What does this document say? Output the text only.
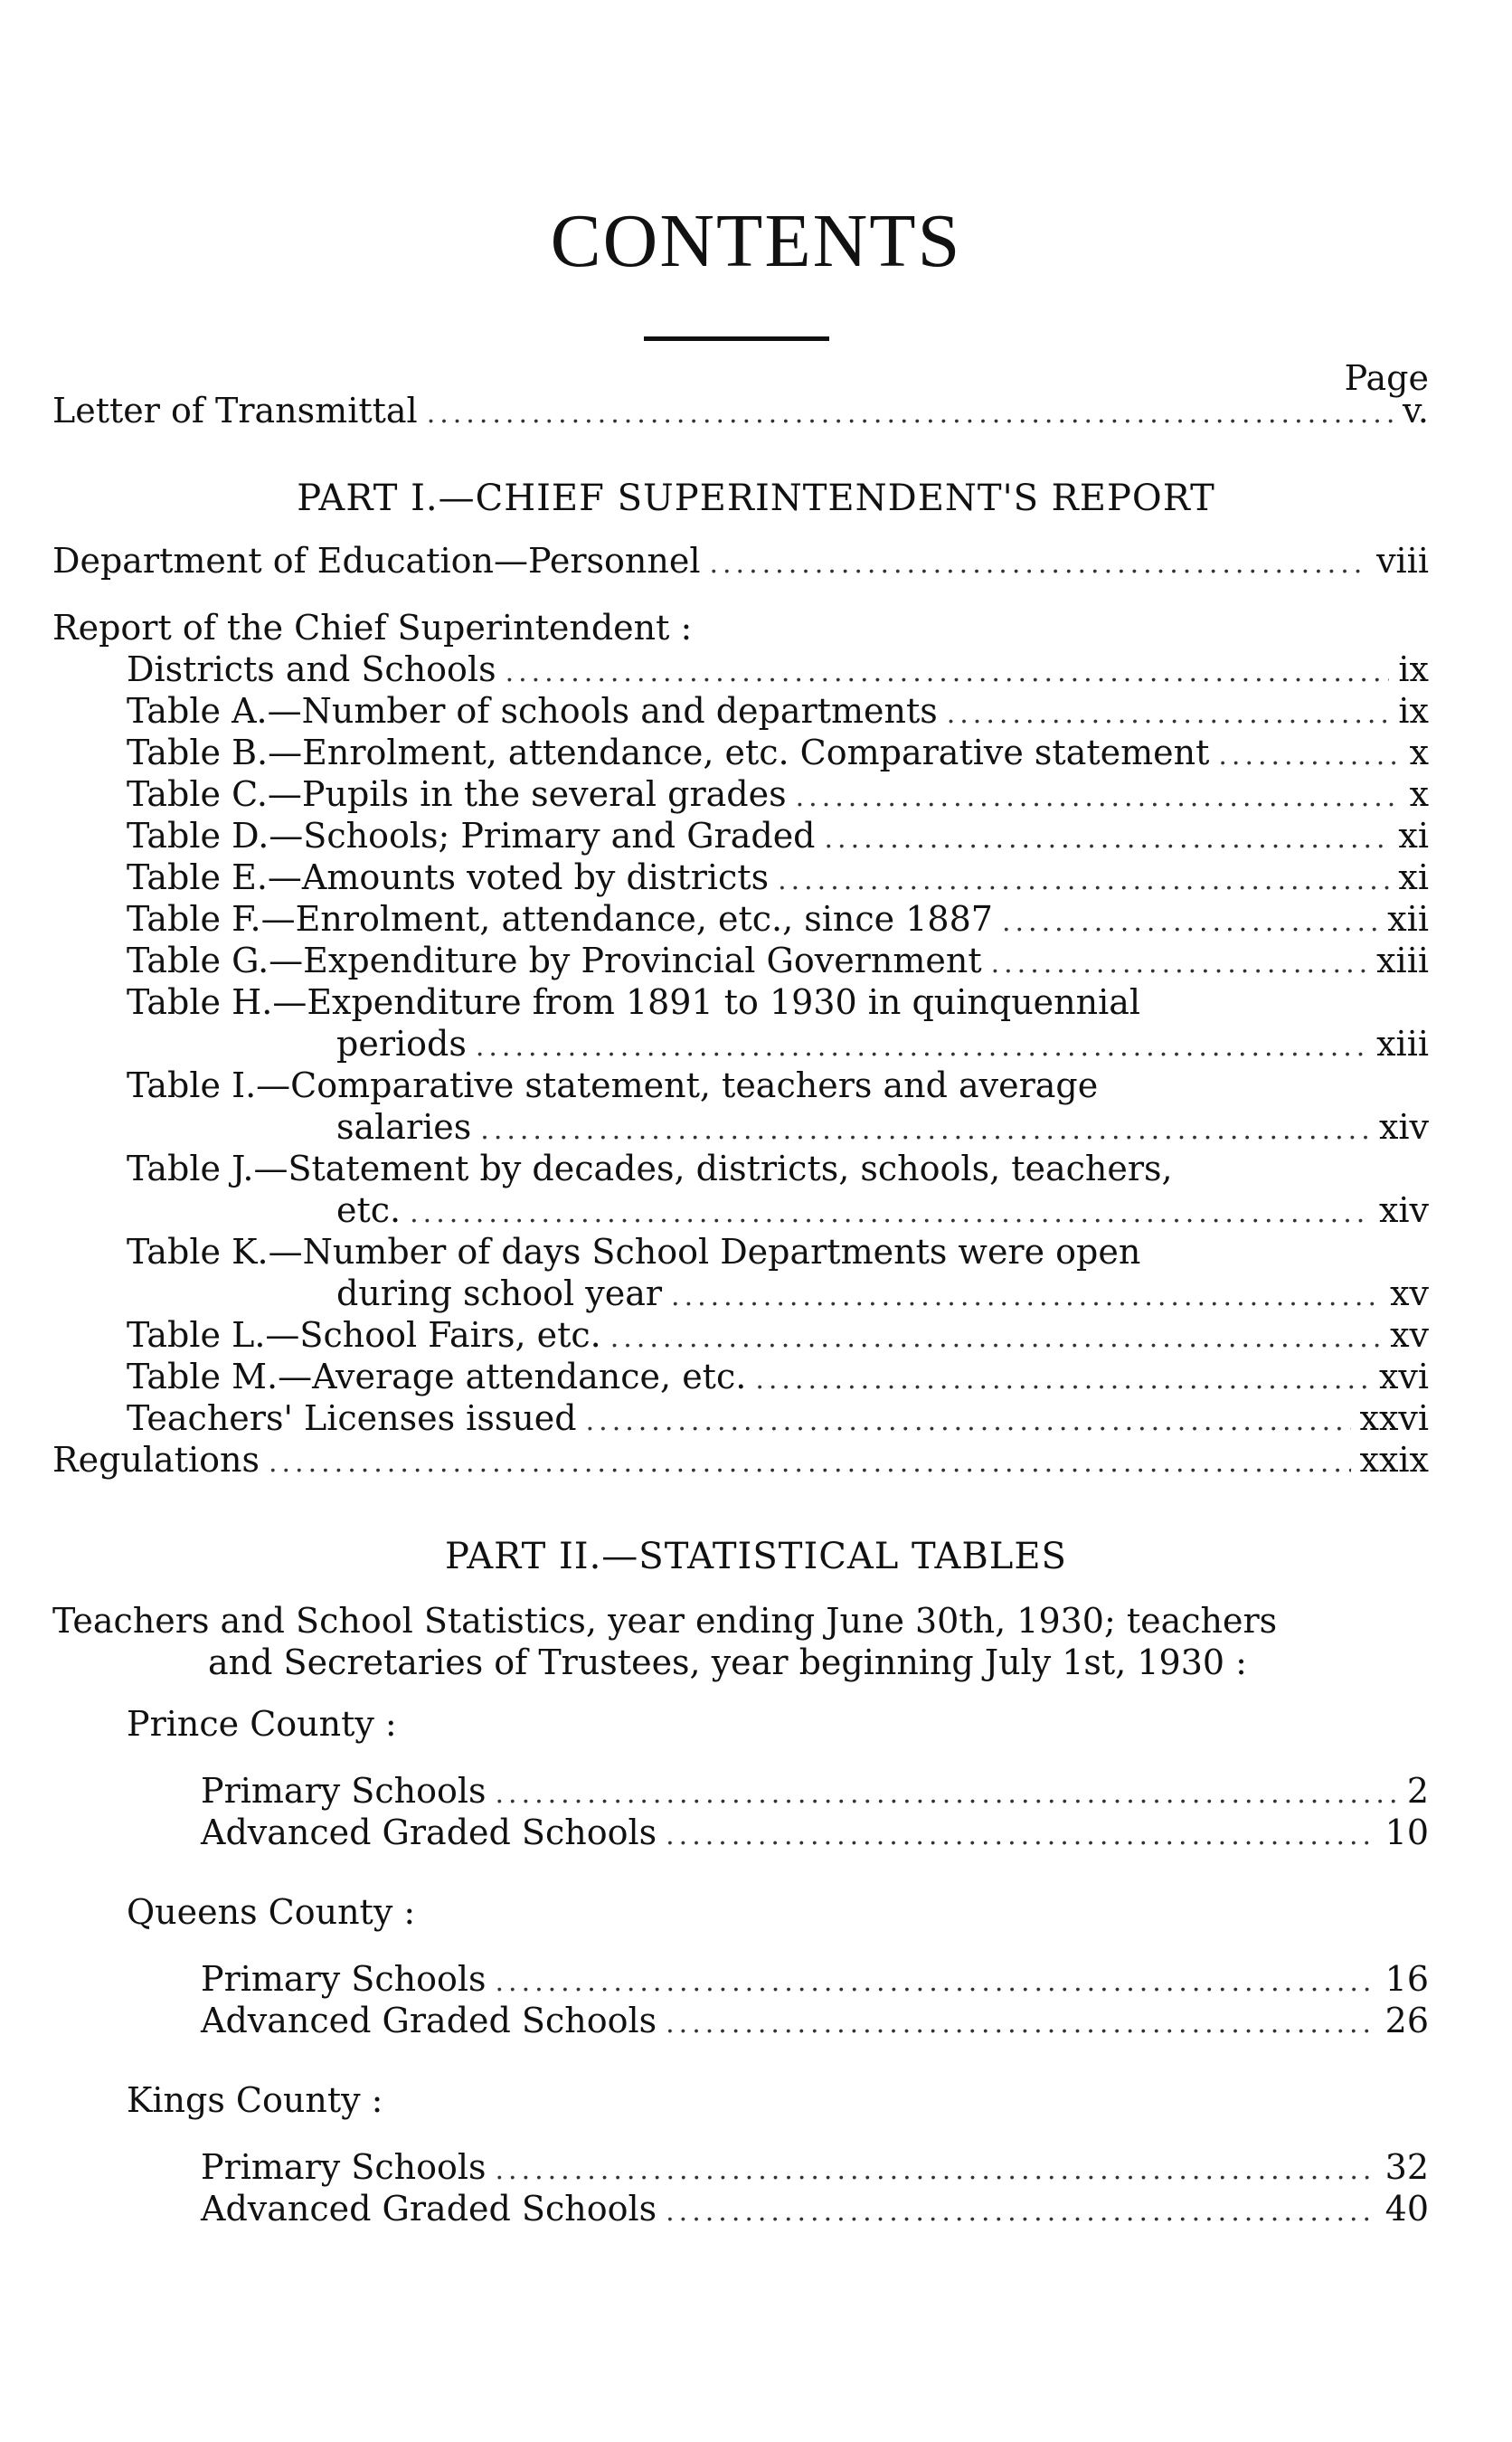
CONTENTS
Page
Letter of Transmittal .....	v.
PART I.—CHIEF SUPERINTENDENT'S REPORT
Department of Education—Personnel .....	viii
Report of the Chief Superintendent :
Districts and Schools .....	ix
Table A.—Number of schools and departments .....	ix
Table B.—Enrolment, attendance, etc. Comparative statement .....	x
Table C.—Pupils in the several grades .....	x
Table D.—Schools; Primary and Graded .....	xi
Table E.—Amounts voted by districts .....	xi
Table F.—Enrolment, attendance, etc., since 1887 .....	xii
Table G.—Expenditure by Provincial Government .....	xiii
Table H.—Expenditure from 1891 to 1930 in quinquennial
periods .....	xiii
Table I.—Comparative statement, teachers and average
salaries .....	xiv
Table J.—Statement by decades, districts, schools, teachers,
etc. .....	xiv
Table K.—Number of days School Departments were open
during school year .....	xv
Table L.—School Fairs, etc. .....	xv
Table M.—Average attendance, etc. .....	xvi
Teachers' Licenses issued .....	xxvi
Regulations .....	xxix
PART II.—STATISTICAL TABLES
Teachers and School Statistics, year ending June 30th, 1930; teachers
and Secretaries of Trustees, year beginning July 1st, 1930 :
Prince County :
Primary Schools .....	2
Advanced Graded Schools .....	10
Queens County :
Primary Schools .....	16
Advanced Graded Schools .....	26
Kings County :
Primary Schools .....	32
Advanced Graded Schools .....	40
